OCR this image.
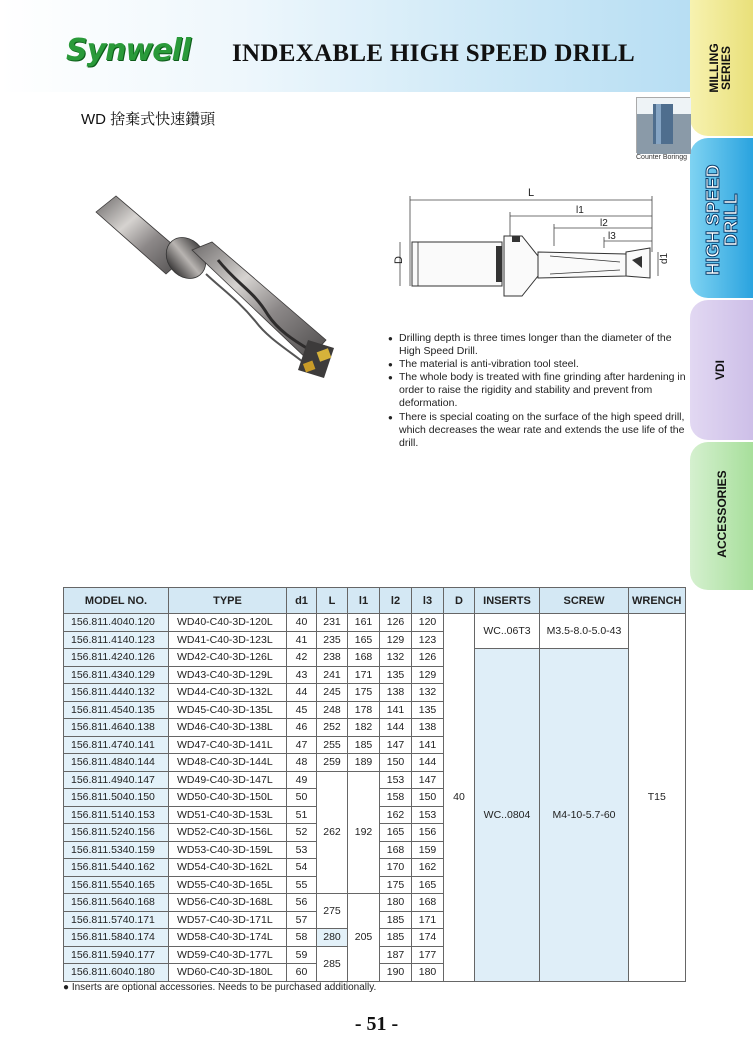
Synwell INDEXABLE HIGH SPEED DRILL
WD 捨棄式快速鑽頭
MILLING
SERIES
HIGH SPEED
DRILL
VDI
ACCESSORIES
Counter Boringg
L
l1
l2
l3
D	d1
● Drilling depth is three times longer than the diameter of the High Speed Drill.
● The material is anti-vibration tool steel.
● The whole body is treated with fine grinding after hardening in order to raise the rigidity and stability and prevent from deformation.
● There is special coating on the surface of the high speed drill, which decreases the wear rate and extends the use life of the drill.
MODEL NO.	TYPE	d1	L	l1	l2	l3	D	INSERTS	SCREW	WRENCH
156.811.4040.120	WD40-C40-3D-120L	40	231	161	126	120	40	WC..06T3	M3.5-8.0-5.0-43	T15
156.811.4140.123	WD41-C40-3D-123L	41	235	165	129	123				
156.811.4240.126	WD42-C40-3D-126L	42	238	168	132	126		WC..0804	M4-10-5.7-60	
156.811.4340.129	WD43-C40-3D-129L	43	241	171	135	129				
156.811.4440.132	WD44-C40-3D-132L	44	245	175	138	132				
156.811.4540.135	WD45-C40-3D-135L	45	248	178	141	135				
156.811.4640.138	WD46-C40-3D-138L	46	252	182	144	138				
156.811.4740.141	WD47-C40-3D-141L	47	255	185	147	141				
156.811.4840.144	WD48-C40-3D-144L	48	259	189	150	144				
156.811.4940.147	WD49-C40-3D-147L	49	262	192	153	147				
156.811.5040.150	WD50-C40-3D-150L	50			158	150				
156.811.5140.153	WD51-C40-3D-153L	51			162	153				
156.811.5240.156	WD52-C40-3D-156L	52			165	156				
156.811.5340.159	WD53-C40-3D-159L	53			168	159				
156.811.5440.162	WD54-C40-3D-162L	54			170	162				
156.811.5540.165	WD55-C40-3D-165L	55			175	165				
156.811.5640.168	WD56-C40-3D-168L	56	275	205	180	168				
156.811.5740.171	WD57-C40-3D-171L	57			185	171				
156.811.5840.174	WD58-C40-3D-174L	58	280		185	174				
156.811.5940.177	WD59-C40-3D-177L	59	285		187	177				
156.811.6040.180	WD60-C40-3D-180L	60			190	180				
● Inserts are optional accessories. Needs to be purchased additionally.
- 51 -
